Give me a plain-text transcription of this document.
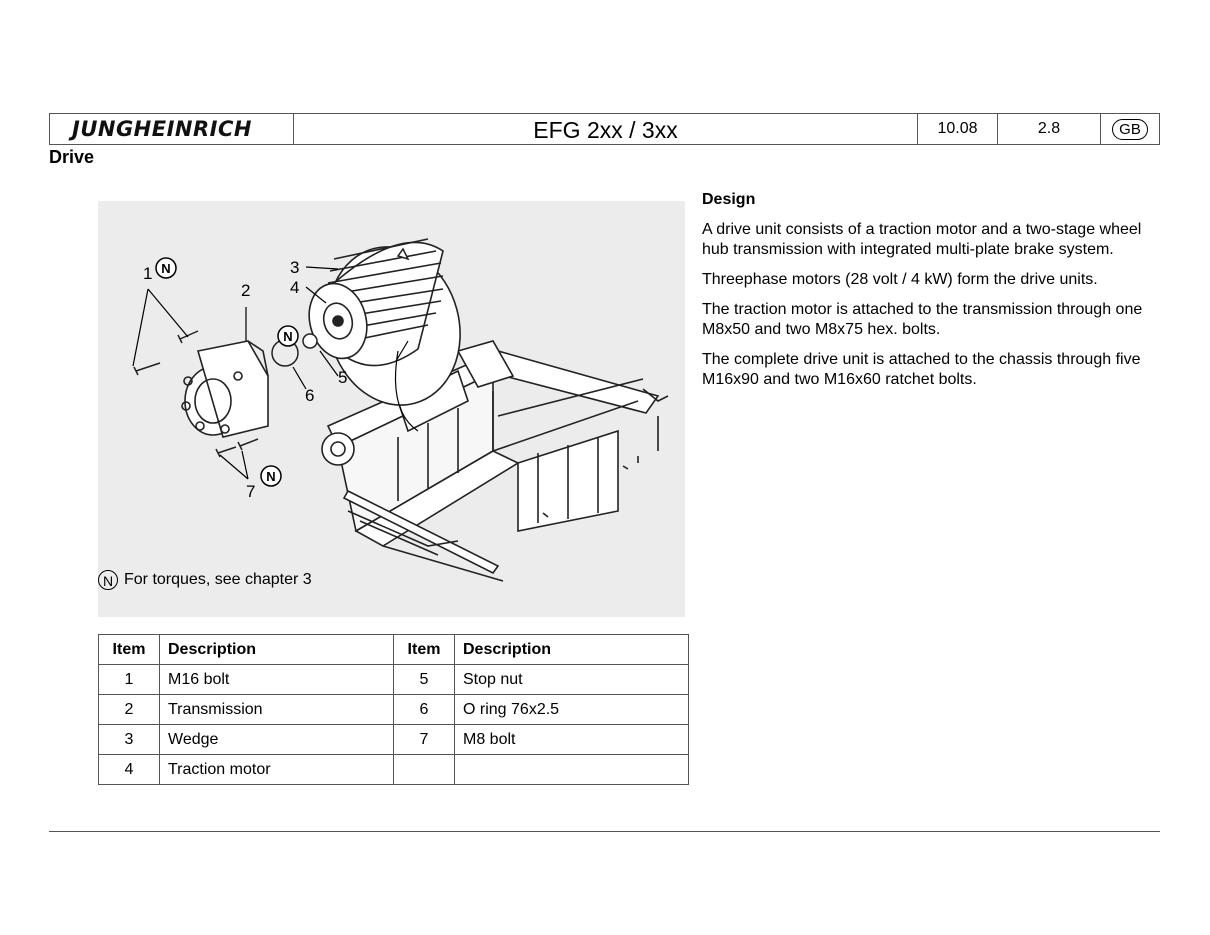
JUNGHEINRICH	EFG 2xx / 3xx	10.08	2.8	GB
Drive
1
2
3
4
5
6
7
N
N
N
N For torques, see chapter 3
Item	Description	Item	Description
1	M16 bolt	5	Stop nut
2	Transmission	6	O ring 76x2.5
3	Wedge	7	M8 bolt
4	Traction motor		
Design

A drive unit consists of a traction motor and a two-stage wheel hub transmission with integrated multi-plate brake system.

Threephase motors (28 volt / 4 kW) form the drive units.

The traction motor is attached to the transmission through one M8x50 and two M8x75 hex. bolts.

The complete drive unit is attached to the chassis through five M16x90 and two M16x60 ratchet bolts.
